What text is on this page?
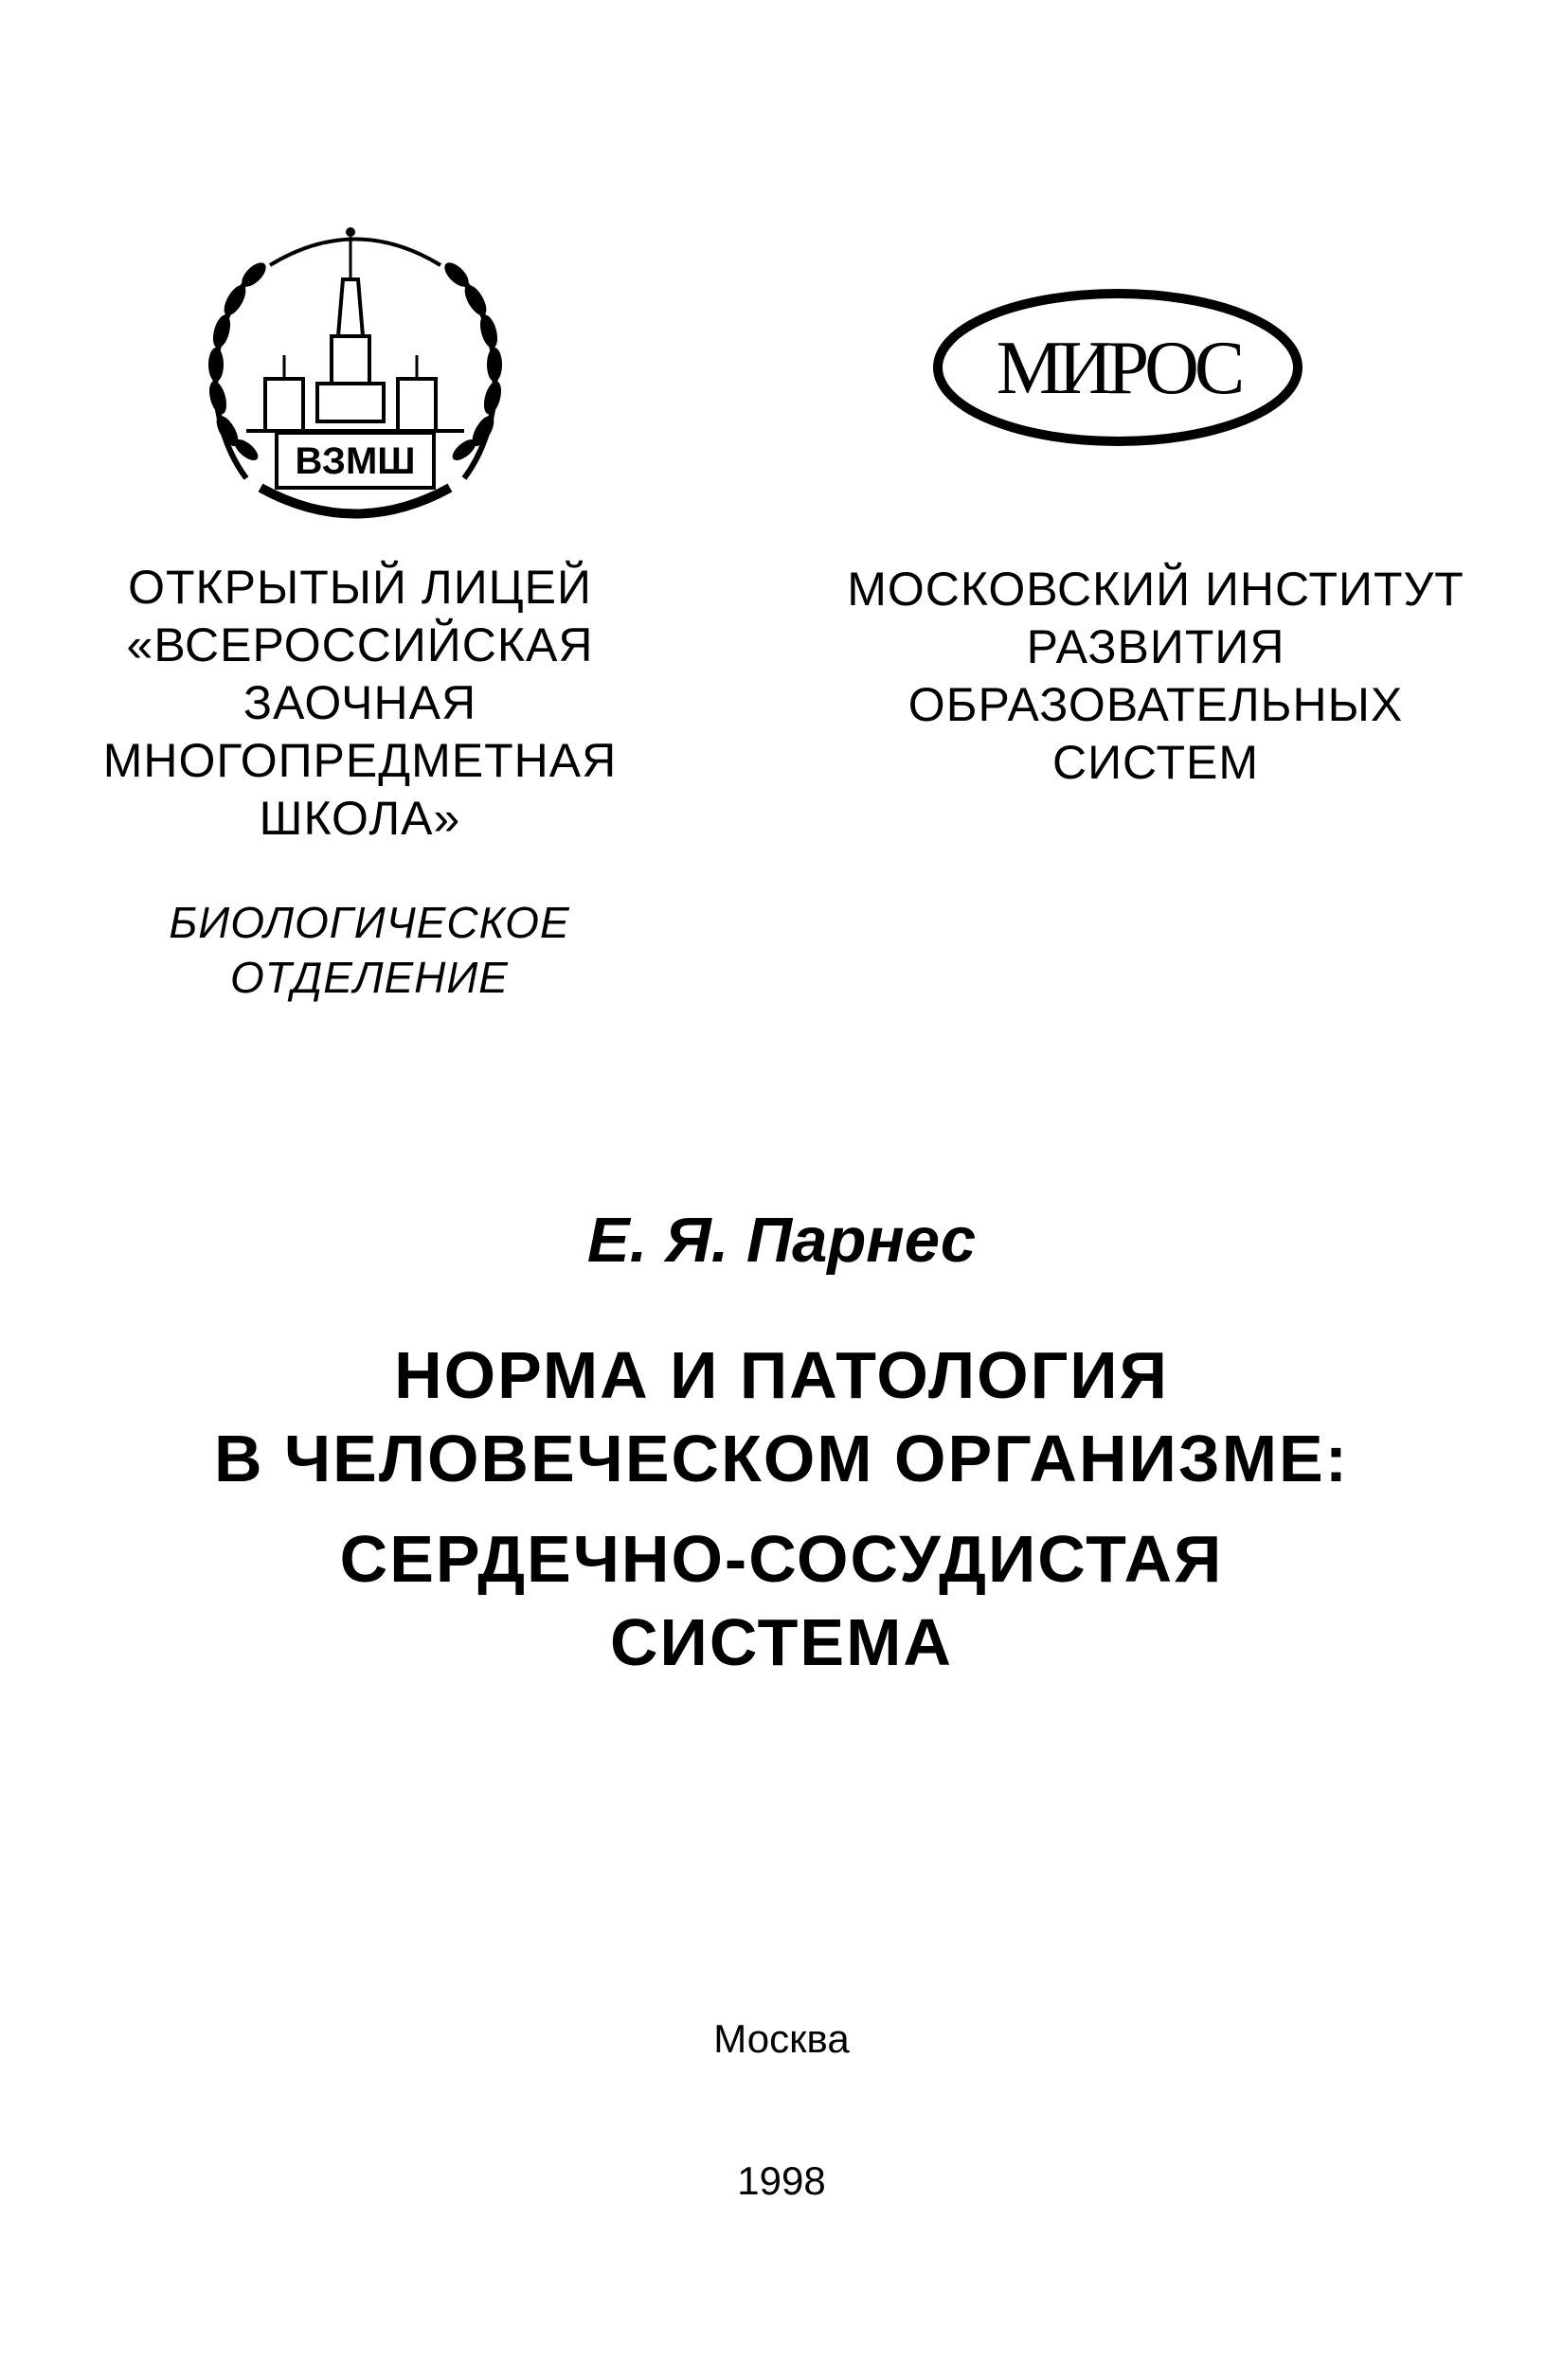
ВЗМШ
МИРОС
ОТКРЫТЫЙ ЛИЦЕЙ
«ВСЕРОССИЙСКАЯ
ЗАОЧНАЯ
МНОГОПРЕДМЕТНАЯ
ШКОЛА»
БИОЛОГИЧЕСКОЕ
ОТДЕЛЕНИЕ
МОСКОВСКИЙ ИНСТИТУТ
РАЗВИТИЯ
ОБРАЗОВАТЕЛЬНЫХ
СИСТЕМ
Е. Я. Парнес
НОРМА И ПАТОЛОГИЯ
В ЧЕЛОВЕЧЕСКОМ ОРГАНИЗМЕ:
СЕРДЕЧНО-СОСУДИСТАЯ
СИСТЕМА
Москва
1998
